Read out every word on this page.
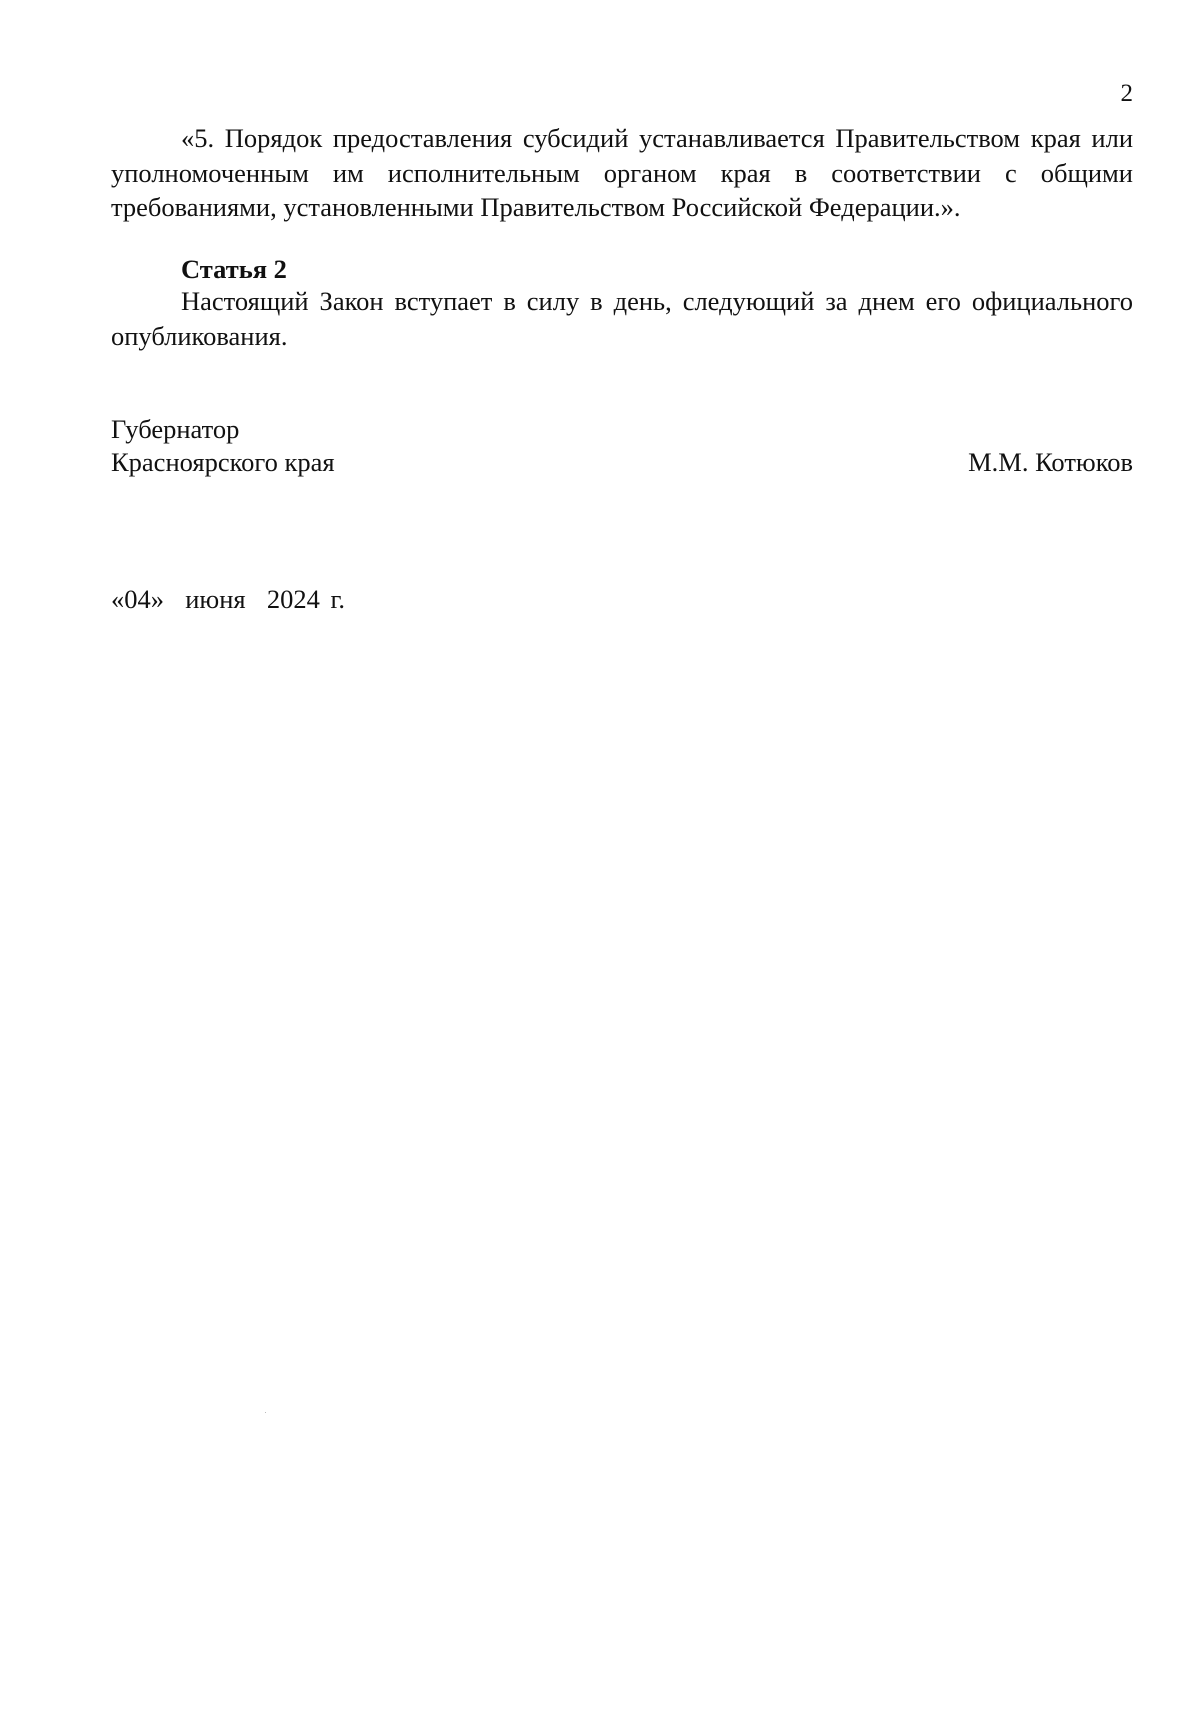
2

«5. Порядок предоставления субсидий устанавливается Правительством края или уполномоченным им исполнительным органом края в соответствии с общими требованиями, установленными Правительством Российской Федерации.».

Статья 2

Настоящий Закон вступает в силу в день, следующий за днем его официального опубликования.

Губернатор
Красноярского края	М.М. Котюков
«04»  июня  2024 г.
